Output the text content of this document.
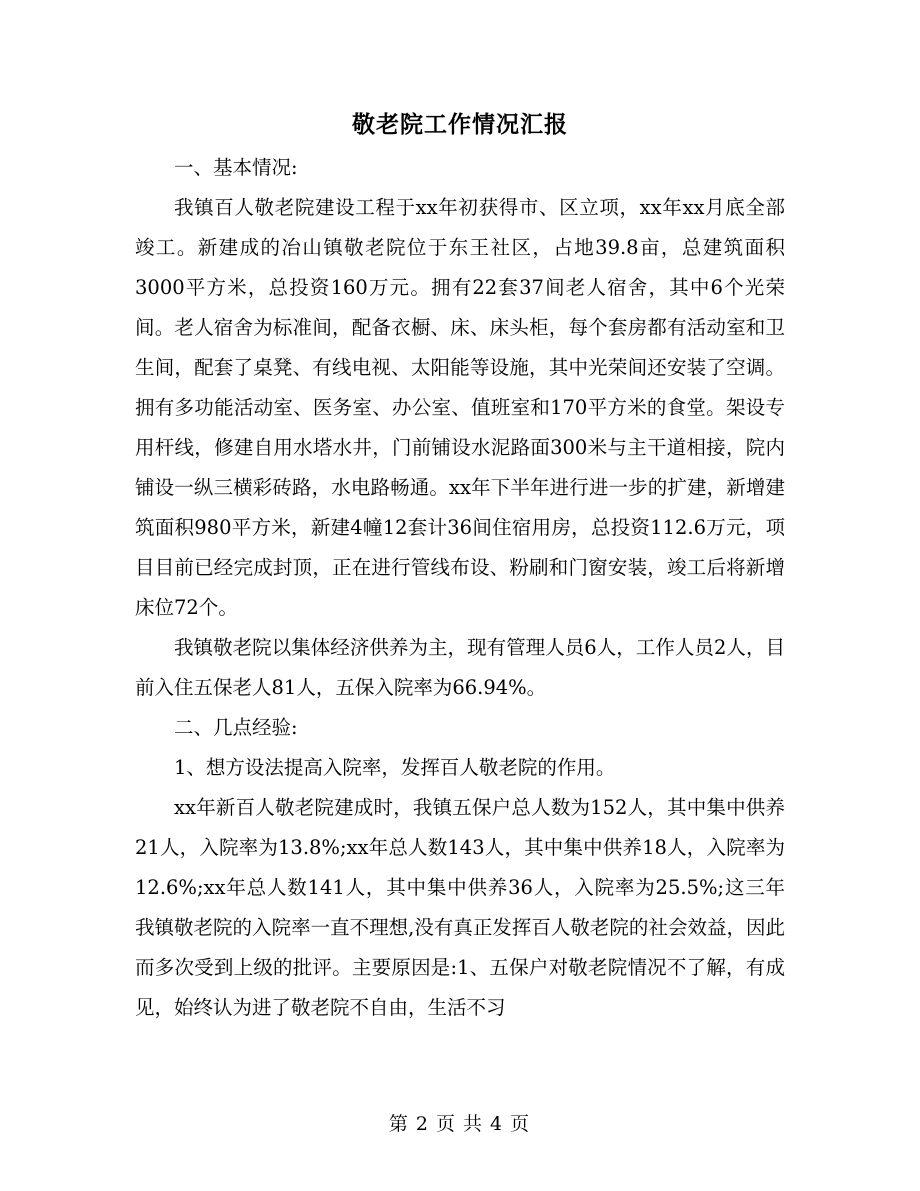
敬老院工作情况汇报

一、基本情况:

我镇百人敬老院建设工程于xx年初获得市、区立项，xx年xx月底全部竣工。新建成的冶山镇敬老院位于东王社区，占地39.8亩，总建筑面积3000平方米，总投资160万元。拥有22套37间老人宿舍，其中6个光荣间。老人宿舍为标准间，配备衣橱、床、床头柜，每个套房都有活动室和卫生间，配套了桌凳、有线电视、太阳能等设施，其中光荣间还安装了空调。拥有多功能活动室、医务室、办公室、值班室和170平方米的食堂。架设专用杆线，修建自用水塔水井，门前铺设水泥路面300米与主干道相接，院内铺设一纵三横彩砖路，水电路畅通。xx年下半年进行进一步的扩建，新增建筑面积980平方米，新建4幢12套计36间住宿用房，总投资112.6万元，项目目前已经完成封顶，正在进行管线布设、粉刷和门窗安装，竣工后将新增床位72个。

我镇敬老院以集体经济供养为主，现有管理人员6人，工作人员2人，目前入住五保老人81人，五保入院率为66.94%。

二、几点经验:

1、想方设法提高入院率，发挥百人敬老院的作用。

xx年新百人敬老院建成时，我镇五保户总人数为152人，其中集中供养21人，入院率为13.8%;xx年总人数143人，其中集中供养18人，入院率为12.6%;xx年总人数141人，其中集中供养36人，入院率为25.5%;这三年我镇敬老院的入院率一直不理想,没有真正发挥百人敬老院的社会效益，因此而多次受到上级的批评。主要原因是:1、五保户对敬老院情况不了解，有成见，始终认为进了敬老院不自由，生活不习

第 2 页 共 4 页
